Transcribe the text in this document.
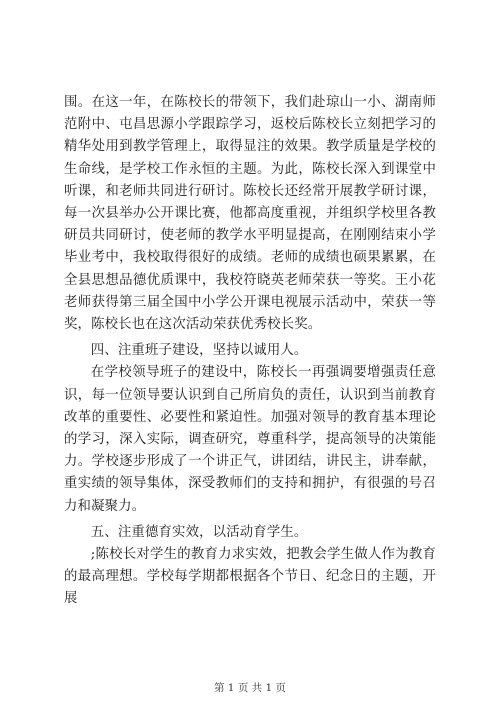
围。在这一年，在陈校长的带领下，我们赴琼山一小、湖南师范附中、屯昌思源小学跟踪学习，返校后陈校长立刻把学习的精华处用到教学管理上，取得显注的效果。教学质量是学校的生命线，是学校工作永恒的主题。为此，陈校长深入到课堂中听课，和老师共同进行研讨。陈校长还经常开展教学研讨课，每一次县举办公开课比赛，他都高度重视，并组织学校里各教研员共同研讨，使老师的教学水平明显提高，在刚刚结束小学毕业考中，我校取得很好的成绩。老师的成绩也硕果累累，在全县思想品德优质课中，我校符晓英老师荣获一等奖。王小花老师获得第三届全国中小学公开课电视展示活动中，荣获一等奖，陈校长也在这次活动荣获优秀校长奖。

四、注重班子建设，坚持以诚用人。

在学校领导班子的建设中，陈校长一再强调要增强责任意识，每一位领导要认识到自己所肩负的责任，认识到当前教育改革的重要性、必要性和紧迫性。加强对领导的教育基本理论的学习，深入实际，调查研究，尊重科学，提高领导的决策能力。学校逐步形成了一个讲正气，讲团结，讲民主，讲奉献，重实绩的领导集体，深受教师们的支持和拥护，有很强的号召力和凝聚力。

五、注重德育实效，以活动育学生。

;陈校长对学生的教育力求实效，把教会学生做人作为教育的最高理想。学校每学期都根据各个节日、纪念日的主题，开展

第 1 页 共 1 页
